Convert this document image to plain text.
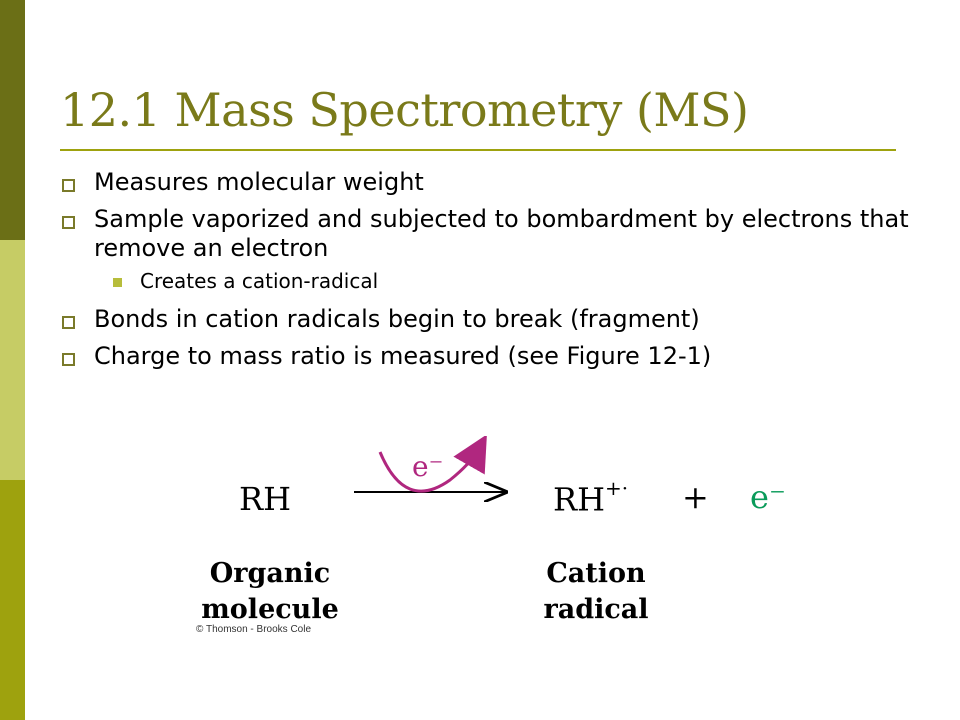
12.1 Mass Spectrometry (MS)
Measures molecular weight
Sample vaporized and subjected to bombardment by electrons that remove an electron
Creates a cation-radical
Bonds in cation radicals begin to break (fragment)
Charge to mass ratio is measured (see Figure 12-1)
e⁻
RH	RH+· + e⁻
Organic
molecule
Cation
radical
© Thomson - Brooks Cole
